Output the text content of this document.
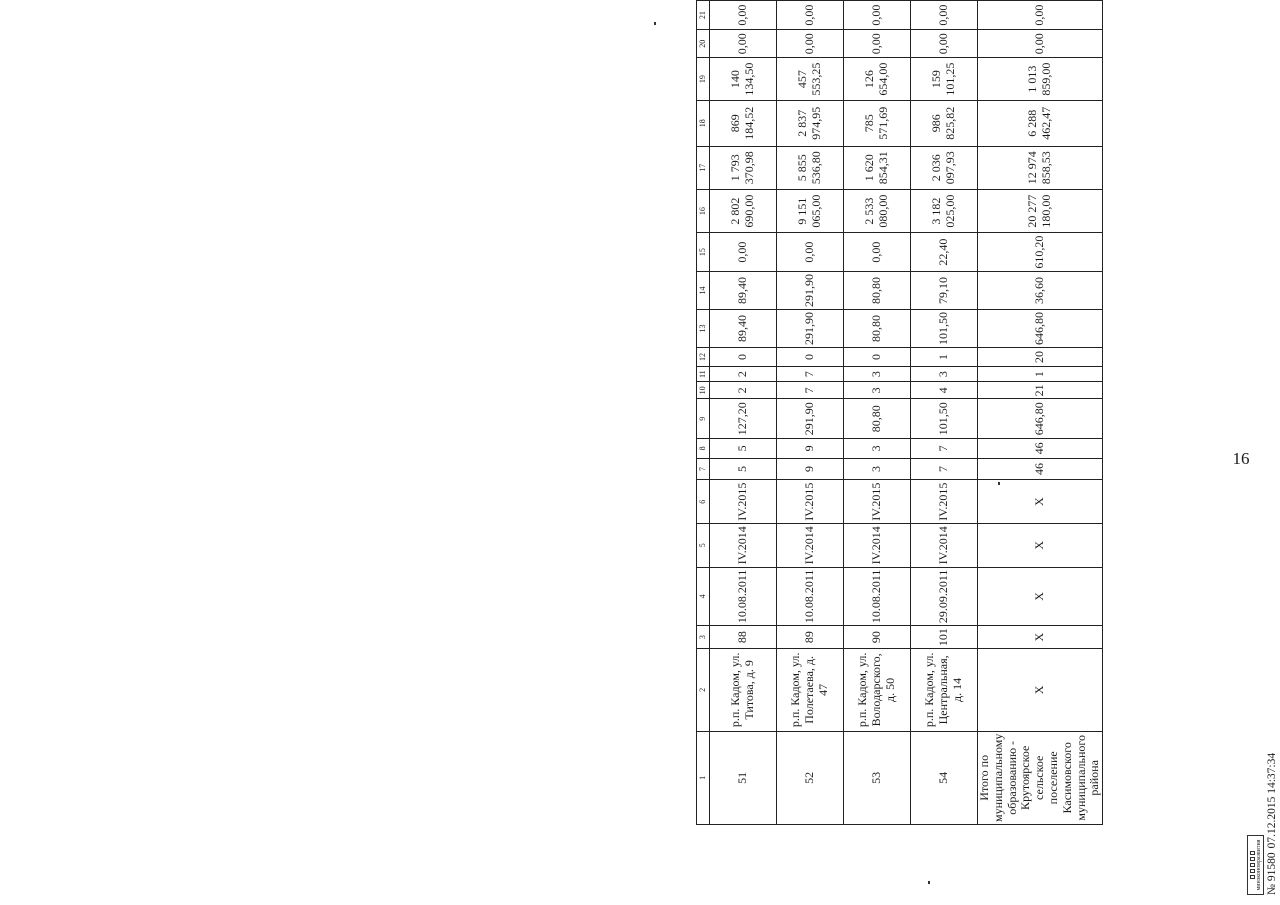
16
1	2	3	4	5	6	7	8	9	10	11	12	13	14	15	16	17	18	19	20	21
51	р.п. Кадом, ул. Титова, д. 9	88	10.08.2011	IV.2014	IV.2015	5	5	127,20	2	2	0	89,40	89,40	0,00	2 802 690,00	1 793 370,98	869 184,52	140 134,50	0,00	0,00
52	р.п. Кадом, ул. Полетаева, д. 47	89	10.08.2011	IV.2014	IV.2015	9	9	291,90	7	7	0	291,90	291,90	0,00	9 151 065,00	5 855 536,80	2 837 974,95	457 553,25	0,00	0,00
53	р.п. Кадом, ул. Володарского, д. 50	90	10.08.2011	IV.2014	IV.2015	3	3	80,80	3	3	0	80,80	80,80	0,00	2 533 080,00	1 620 854,31	785 571,69	126 654,00	0,00	0,00
54	р.п. Кадом, ул. Центральная, д. 14	101	29.09.2011	IV.2014	IV.2015	7	7	101,50	4	3	1	101,50	79,10	22,40	3 182 025,00	2 036 097,93	986 825,82	159 101,25	0,00	0,00
Итого по муниципальному образованию - Крутоярское сельское поселение Касимовского муниципального района	X	X	X	X	X	46	46	646,80	21	1	20	646,80	36,60	610,20	20 277 180,00	12 974 858,53	6 288 462,47	1 013 859,00	0,00	0,00
минэкономразвития № 9158007.12.2015 14:37:34
